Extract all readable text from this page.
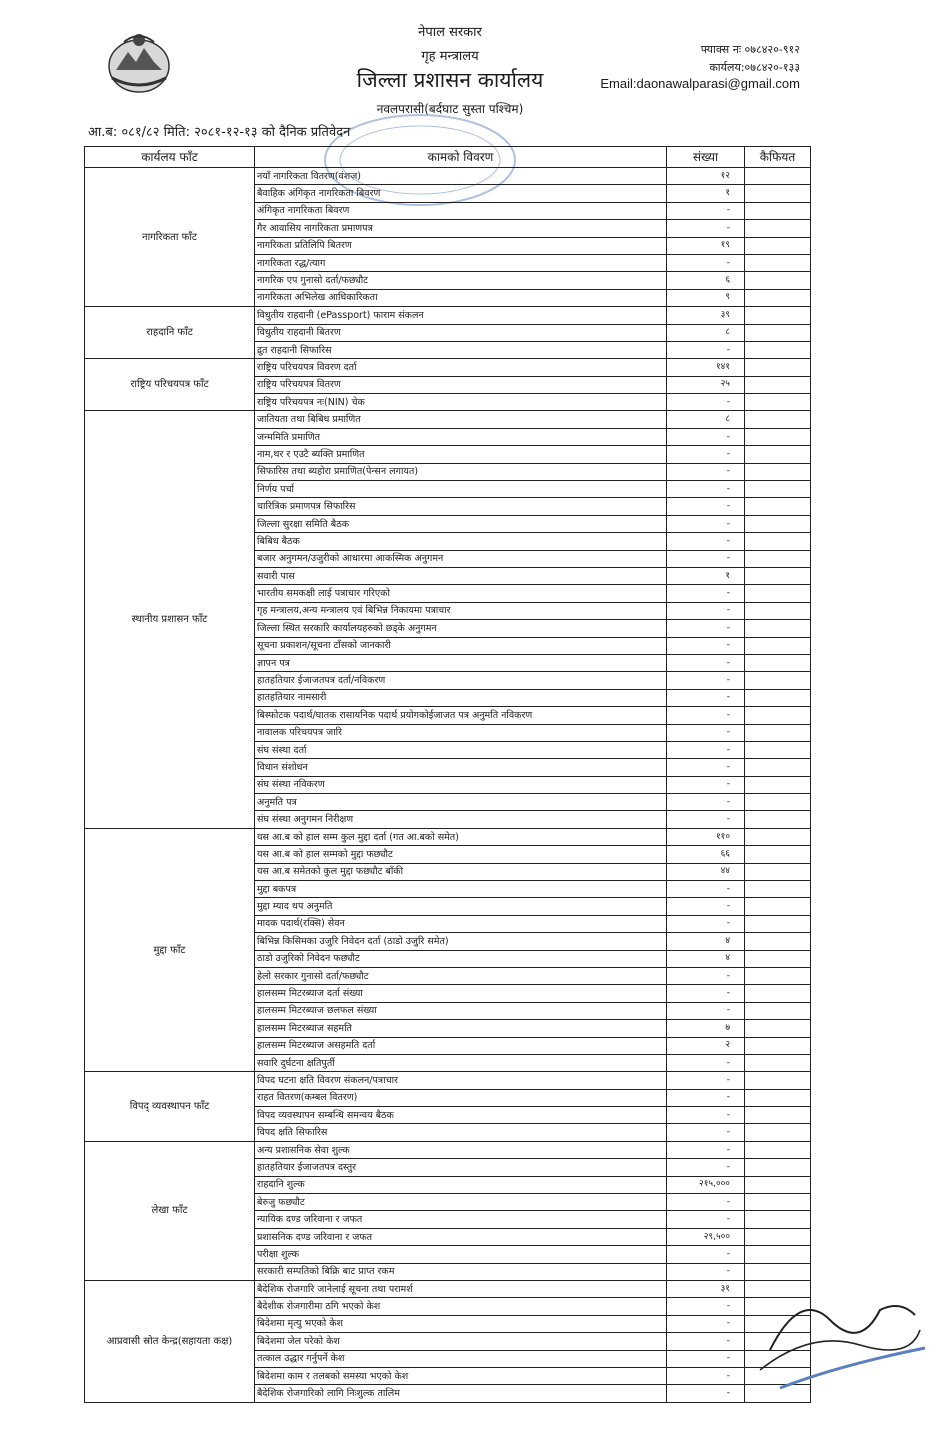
नेपाल सरकार
गृह मन्त्रालय
जिल्ला प्रशासन कार्यालय
नवलपरासी(बर्दघाट सुस्ता पश्चिम)
फ्याक्स नः ०७८४२०-९१२
कार्यलय:०७८४२०-१३३
Email:daonawalparasi@gmail.com
आ.ब: ०८१/८२ मिति: २०८१-१२-१३ को दैनिक प्रतिवेदन
कार्यलय फाँट	कामको विवरण	संख्या	कैफियत
नागरिकता फाँट	नयाँ नागरिकता वितरण(वंशज)	१२	
	बैवाहिक अंगिकृत नागरिकता बिवरण	१	
	अंगिकृत नागरिकता बिवरण	-	
	गैर आवासिय नागरिकता प्रमाणपत्र	-	
	नागरिकता प्रतिलिपि बितरण	१९	
	नागरिकता रद्ध/त्याग	-	
	नागरिक एप गुनासो दर्ता/फछ्यौट	६	
	नागरिकता अभिलेख आधिकारिकता	९	
राहदानि फाँट	विधुतीय राहदानी (ePassport) फाराम संकलन	३९	
	विधुतीय राहदानी बितरण	८	
	द्रुत राहदानी सिफारिस	-	
राष्ट्रिय परिचयपत्र फाँट	राष्ट्रिय परिचयपत्र विवरण दर्ता	१४१	
	राष्ट्रिय परिचयपत्र वितरण	२५	
	राष्ट्रिय परिचयपत्र नः(NIN) चेक	-	
स्थानीय प्रशासन फाँट	जातियता तथा बिबिध प्रमाणित	८	
	जन्ममिति प्रमाणित	-	
	नाम,थर र एउटै ब्यक्ति प्रमाणित	-	
	सिफारिस तथा ब्यहोरा प्रमाणित(पेन्सन लगायत)	-	
	निर्णय पर्चा	-	
	चारित्रिक प्रमाणपत्र सिफारिस	-	
	जिल्ला सुरक्षा समिति बैठक	-	
	बिबिध बैठक	-	
	बजार अनुगमन/उजुरीको आधारमा आकस्मिक अनुगमन	-	
	सवारी पास	१	
	भारतीय समकक्षी लाई पत्राचार गरिएको	-	
	गृह मन्त्रालय,अन्य मन्त्रालय एवं बिभिन्न निकायमा पत्राचार	-	
	जिल्ला स्थित सरकारि कार्यालयहरुको छड्के अनुगमन	-	
	सूचना प्रकाशन/सूचना टाँसको जानकारी	-	
	ज्ञापन पत्र	-	
	हातहतियार ईजाजतपत्र दर्ता/नविकरण	-	
	हातहतियार नामसारी	-	
	बिस्फोटक पदार्थ/घातक रासायनिक पदार्थ प्रयोगकोईजाजत पत्र अनुमति नविकरण	-	
	नावालक परिचयपत्र जारि	-	
	संघ संस्था दर्ता	-	
	विधान संशोधन	-	
	संघ संस्था नविकरण	-	
	अनुमति पत्र	-	
	संघ संस्था अनुगमन निरीक्षण	-	
मुद्दा फाँट	यस आ.ब को हाल सम्म कुल मुद्दा दर्ता (गत आ.बको समेत)	११०	
	यस आ.ब को हाल सम्मको मुद्दा फछ्यौट	६६	
	यस आ.ब समेतको कुल मुद्दा फछ्यौट बाँकी	४४	
	मुद्दा बकपत्र	-	
	मुद्दा म्याद थप अनुमति	-	
	मादक पदार्थ(रक्सि) सेवन	-	
	बिभिन्न किसिमका उजुरि निवेदन दर्ता (ठाडो उजुरि समेत)	४	
	ठाडो उजुरिको निवेदन फछ्यौट	४	
	हेलो सरकार गुनासो दर्ता/फछ्यौट	-	
	हालसम्म मिटरब्याज दर्ता संख्या	-	
	हालसम्म मिटरब्याज छलफल संख्या	-	
	हालसम्म मिटरब्याज सहमति	७	
	हालसम्म मिटरब्याज असहमति दर्ता	२	
	सवारि दुर्घटना क्षतिपुर्ती	-	
विपद् व्यवस्थापन फाँट	विपद घटना क्षति विवरण संकलन/पत्राचार	-	
	राहत वितरण(कम्बल वितरण)	-	
	विपद व्यवस्थापन सम्बन्धि समन्वय बैठक	-	
	विपद क्षति सिफारिस	-	
लेखा फाँट	अन्य प्रशासनिक सेवा शुल्क	-	
	हातहतियार ईजाजतपत्र दस्तुर	-	
	राहदानि शुल्क	२१५,०००	
	बेरुजु फछ्यौट	-	
	न्यायिक दण्ड जरिवाना र जफत	-	
	प्रशासनिक दण्ड जरिवाना र जफत	२९,५००	
	परीक्षा शुल्क	-	
	सरकारी सम्पतिको बिक्रि बाट प्राप्त रकम	-	
आप्रवासी स्रोत केन्द्र(सहायता कक्ष)	बैदेशिक रोजगारि जानेलाई सूचना तथा परामर्श	३१	
	बैदेशीक रोजगारीमा ठगि भएको केश	-	
	बिदेशमा मृत्यु भएको केश	-	
	बिदेशमा जेल परेको केश	-	
	तत्काल उद्धार गर्नुपर्ने केश	-	
	बिदेशमा काम र तलबको समस्या भएको केश	-	
	बैदेशिक रोजगारिको लागि निःशुल्क तालिम	-	
